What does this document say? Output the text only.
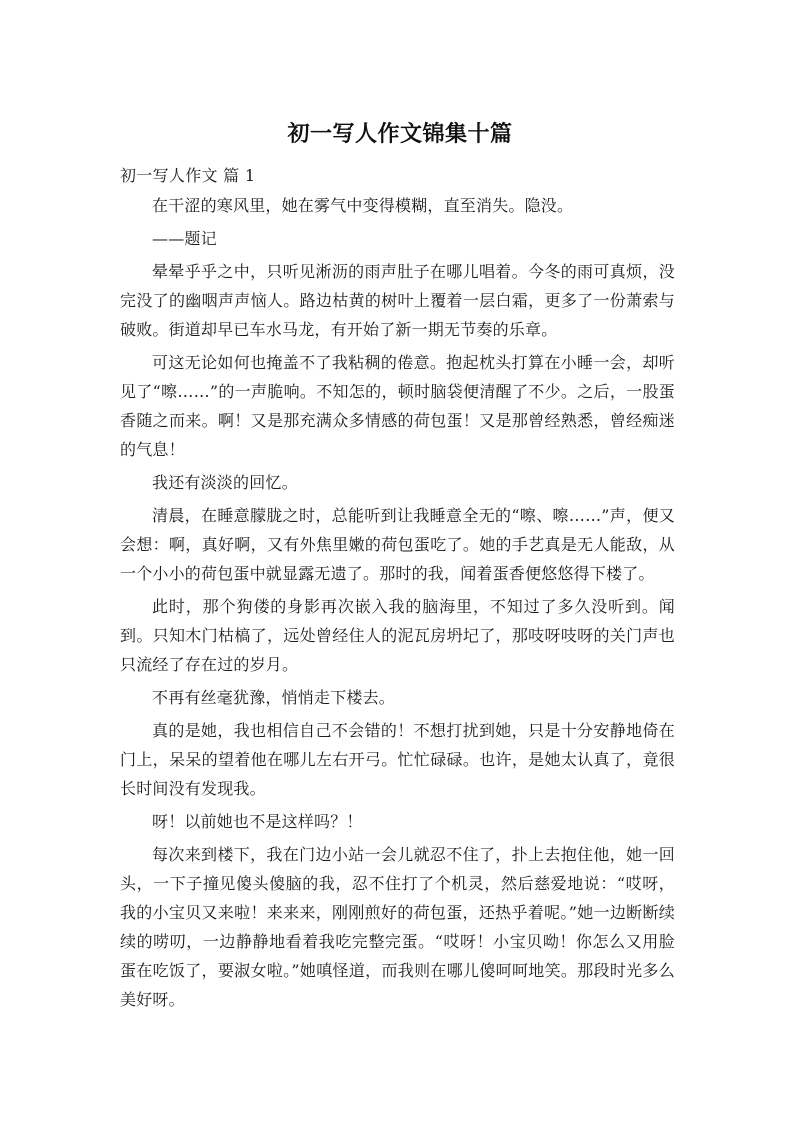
初一写人作文锦集十篇

初一写人作文 篇 1

在干涩的寒风里，她在雾气中变得模糊，直至消失。隐没。

——题记

晕晕乎乎之中，只听见淅沥的雨声肚子在哪儿唱着。今冬的雨可真烦，没完没了的幽咽声声恼人。路边枯黄的树叶上覆着一层白霜，更多了一份萧索与破败。街道却早已车水马龙，有开始了新一期无节奏的乐章。

可这无论如何也掩盖不了我粘稠的倦意。抱起枕头打算在小睡一会，却听见了“嚓……”的一声脆响。不知怎的，顿时脑袋便清醒了不少。之后，一股蛋香随之而来。啊！又是那充满众多情感的荷包蛋！又是那曾经熟悉，曾经痴迷的气息！

我还有淡淡的回忆。

清晨，在睡意朦胧之时，总能听到让我睡意全无的“嚓、嚓……”声，便又会想：啊，真好啊，又有外焦里嫩的荷包蛋吃了。她的手艺真是无人能敌，从一个小小的荷包蛋中就显露无遗了。那时的我，闻着蛋香便悠悠得下楼了。

此时，那个狗偻的身影再次嵌入我的脑海里，不知过了多久没听到。闻到。只知木门枯槁了，远处曾经住人的泥瓦房坍圮了，那吱呀吱呀的关门声也只流经了存在过的岁月。

不再有丝毫犹豫，悄悄走下楼去。

真的是她，我也相信自己不会错的！不想打扰到她，只是十分安静地倚在门上，呆呆的望着他在哪儿左右开弓。忙忙碌碌。也许，是她太认真了，竟很长时间没有发现我。

呀！以前她也不是这样吗？！

每次来到楼下，我在门边小站一会儿就忍不住了，扑上去抱住他，她一回头，一下子撞见傻头傻脑的我，忍不住打了个机灵，然后慈爱地说：“哎呀，我的小宝贝又来啦！来来来，刚刚煎好的荷包蛋，还热乎着呢。”她一边断断续续的唠叨，一边静静地看着我吃完整完蛋。“哎呀！小宝贝呦！你怎么又用脸蛋在吃饭了，要淑女啦。”她嗔怪道，而我则在哪儿傻呵呵地笑。那段时光多么美好呀。
